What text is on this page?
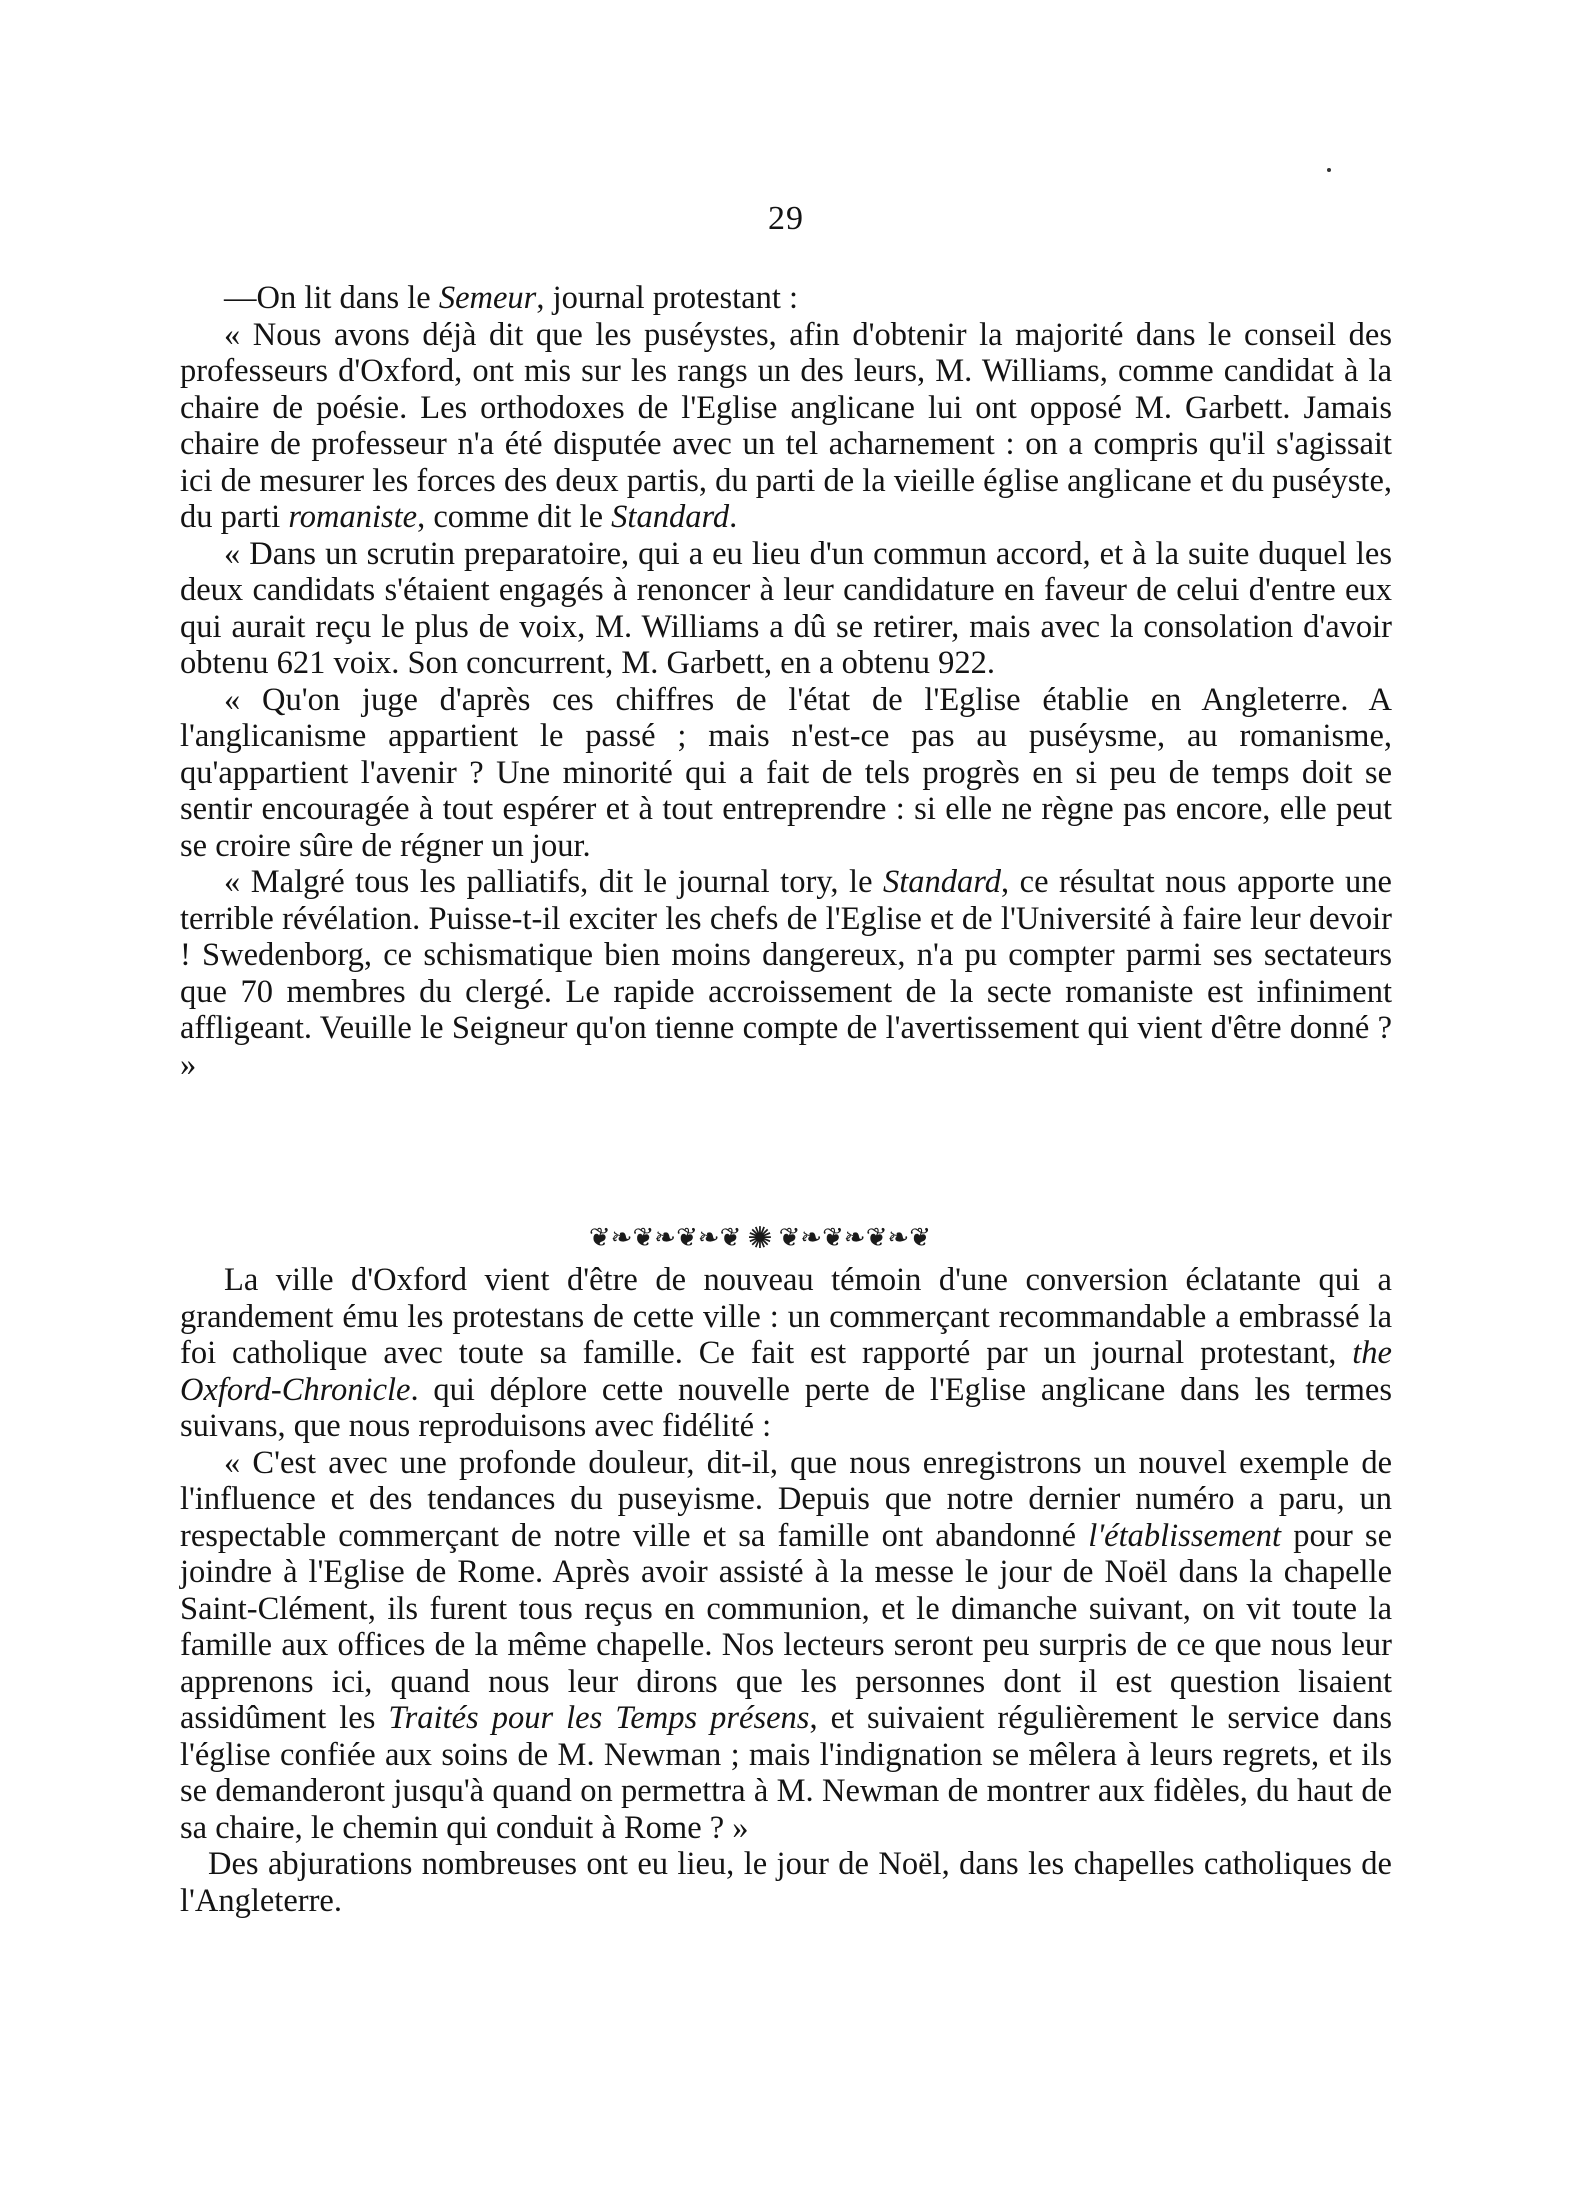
29

—On lit dans le Semeur, journal protestant :

« Nous avons déjà dit que les puséystes, afin d'obtenir la majorité dans le conseil des professeurs d'Oxford, ont mis sur les rangs un des leurs, M. Williams, comme candidat à la chaire de poésie. Les orthodoxes de l'Eglise anglicane lui ont opposé M. Garbett. Jamais chaire de professeur n'a été disputée avec un tel acharnement : on a compris qu'il s'agissait ici de mesurer les forces des deux partis, du parti de la vieille église anglicane et du puséyste, du parti romaniste, comme dit le Standard.

« Dans un scrutin preparatoire, qui a eu lieu d'un commun accord, et à la suite duquel les deux candidats s'étaient engagés à renoncer à leur candidature en faveur de celui d'entre eux qui aurait reçu le plus de voix, M. Williams a dû se retirer, mais avec la consolation d'avoir obtenu 621 voix. Son concurrent, M. Garbett, en a obtenu 922.

« Qu'on juge d'après ces chiffres de l'état de l'Eglise établie en Angleterre. A l'anglicanisme appartient le passé ; mais n'est-ce pas au puséysme, au romanisme, qu'appartient l'avenir ? Une minorité qui a fait de tels progrès en si peu de temps doit se sentir encouragée à tout espérer et à tout entreprendre : si elle ne règne pas encore, elle peut se croire sûre de régner un jour.

« Malgré tous les palliatifs, dit le journal tory, le Standard, ce résultat nous apporte une terrible révélation. Puisse-t-il exciter les chefs de l'Eglise et de l'Université à faire leur devoir ! Swedenborg, ce schismatique bien moins dangereux, n'a pu compter parmi ses sectateurs que 70 membres du clergé. Le rapide accroissement de la secte romaniste est infiniment affligeant. Veuille le Seigneur qu'on tienne compte de l'avertissement qui vient d'être donné ? »

❦❧❦❧❦❧❦ ✺ ❦❧❦❧❦❧❦

La ville d'Oxford vient d'être de nouveau témoin d'une conversion éclatante qui a grandement ému les protestans de cette ville : un commerçant recommandable a embrassé la foi catholique avec toute sa famille. Ce fait est rapporté par un journal protestant, the Oxford-Chronicle. qui déplore cette nouvelle perte de l'Eglise anglicane dans les termes suivans, que nous reproduisons avec fidélité :

« C'est avec une profonde douleur, dit-il, que nous enregistrons un nouvel exemple de l'influence et des tendances du puseyisme. Depuis que notre dernier numéro a paru, un respectable commerçant de notre ville et sa famille ont abandonné l'établissement pour se joindre à l'Eglise de Rome. Après avoir assisté à la messe le jour de Noël dans la chapelle Saint-Clément, ils furent tous reçus en communion, et le dimanche suivant, on vit toute la famille aux offices de la même chapelle. Nos lecteurs seront peu surpris de ce que nous leur apprenons ici, quand nous leur dirons que les personnes dont il est question lisaient assidûment les Traités pour les Temps présens, et suivaient régulièrement le service dans l'église confiée aux soins de M. Newman ; mais l'indignation se mêlera à leurs regrets, et ils se demanderont jusqu'à quand on permettra à M. Newman de montrer aux fidèles, du haut de sa chaire, le chemin qui conduit à Rome ? »

Des abjurations nombreuses ont eu lieu, le jour de Noël, dans les chapelles catholiques de l'Angleterre.
